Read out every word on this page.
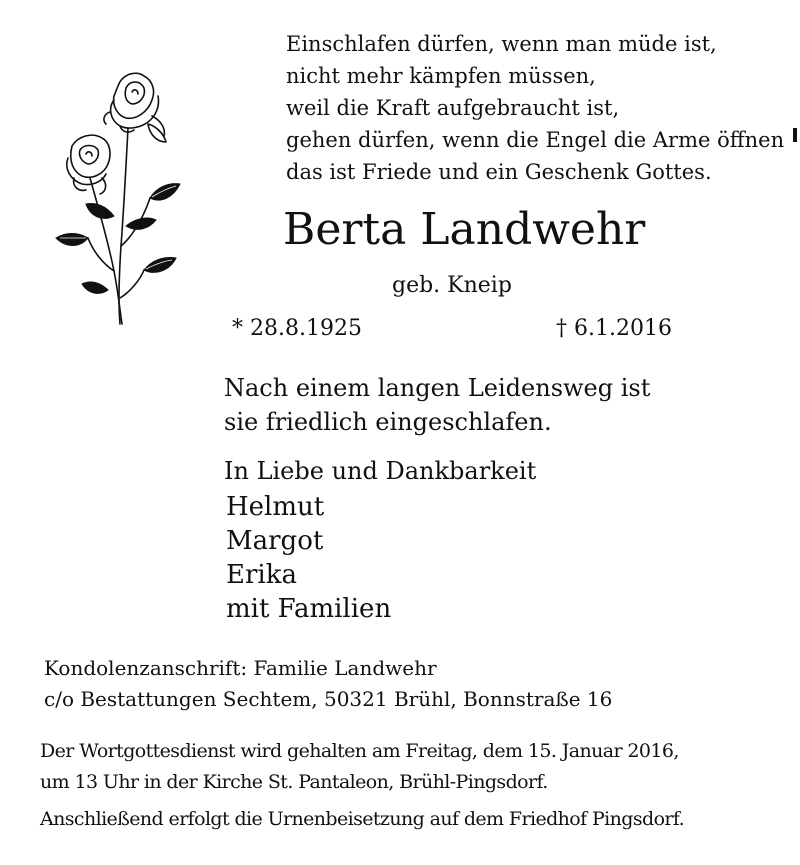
Einschlafen dürfen, wenn man müde ist,
nicht mehr kämpfen müssen,
weil die Kraft aufgebraucht ist,
gehen dürfen, wenn die Engel die Arme öffnen
das ist Friede und ein Geschenk Gottes.
Berta Landwehr
geb. Kneip
* 28.8.1925	† 6.1.2016
Nach einem langen Leidensweg ist
sie friedlich eingeschlafen.
In Liebe und Dankbarkeit
Helmut
Margot
Erika
mit Familien
Kondolenzanschrift: Familie Landwehr
c/o Bestattungen Sechtem, 50321 Brühl, Bonnstraße 16
Der Wortgottesdienst wird gehalten am Freitag, dem 15. Januar 2016,
um 13 Uhr in der Kirche St. Pantaleon, Brühl-Pingsdorf.
Anschließend erfolgt die Urnenbeisetzung auf dem Friedhof Pingsdorf.
